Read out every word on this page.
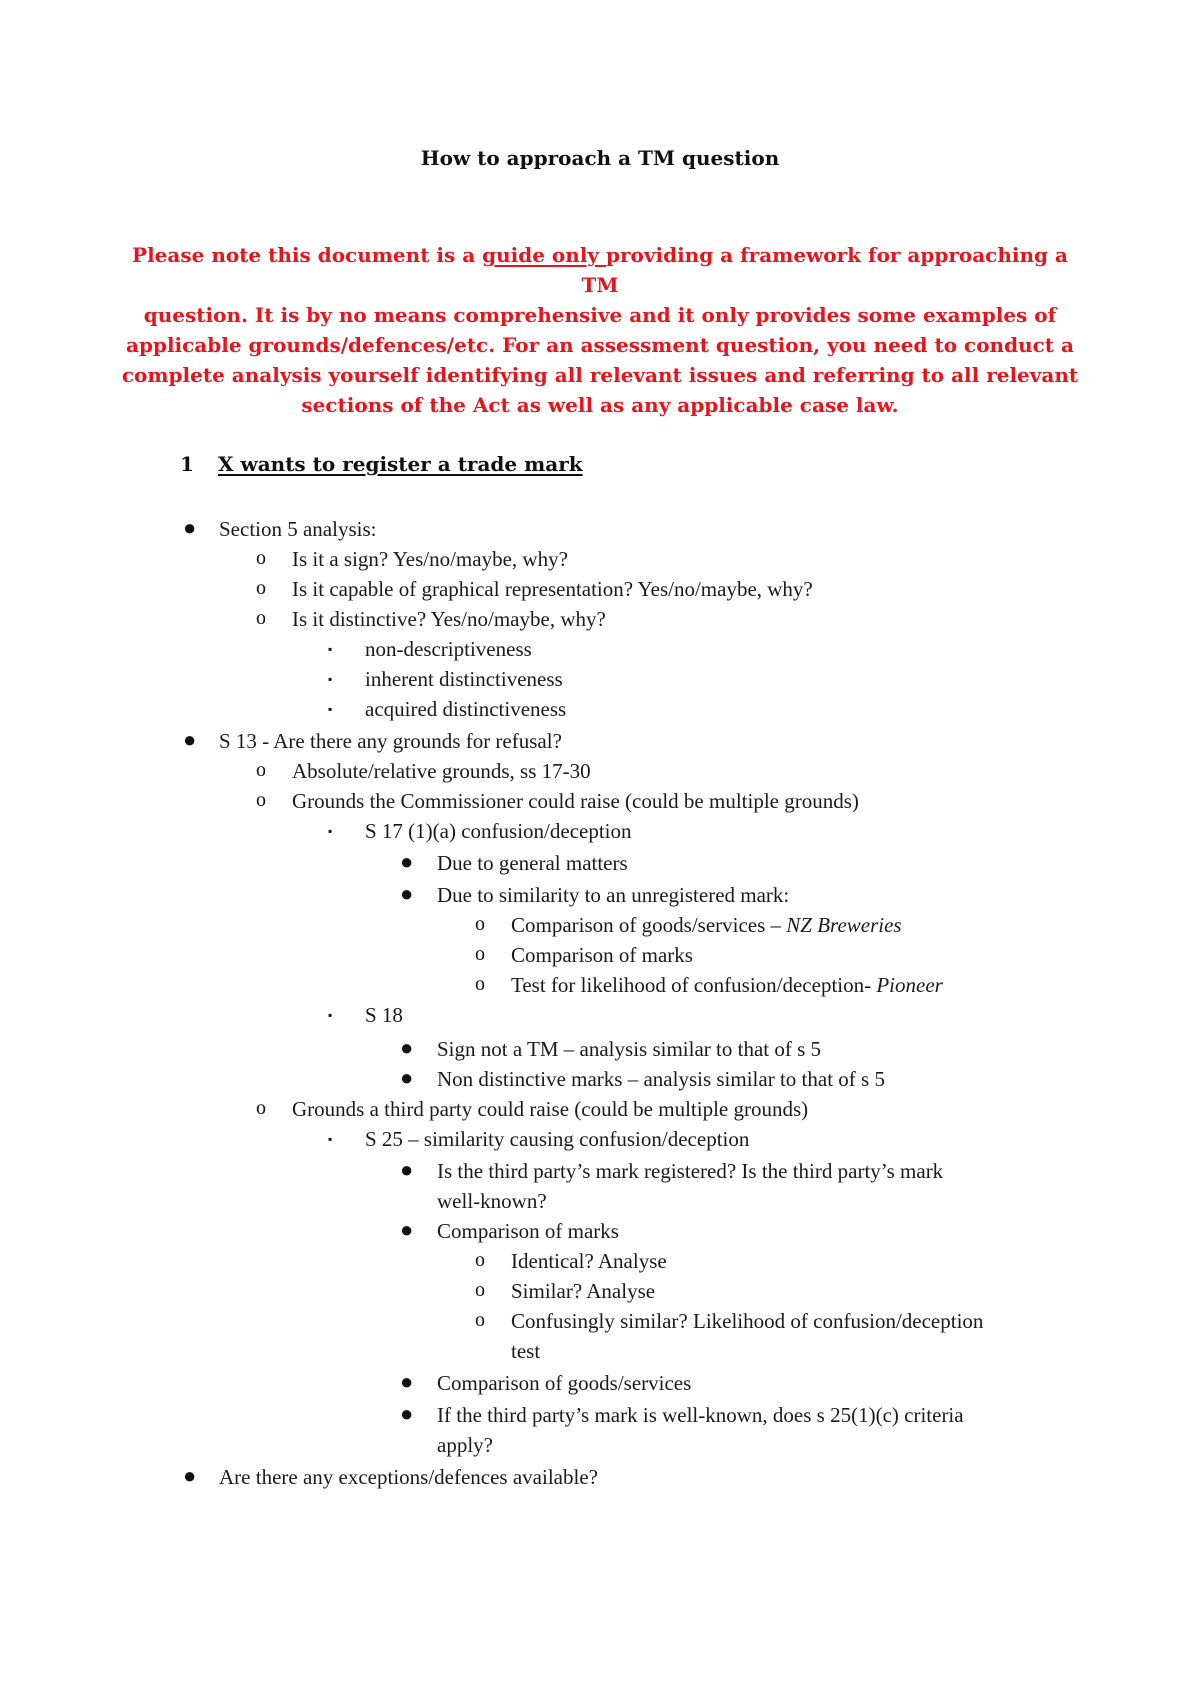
How to approach a TM question
Please note this document is a guide only providing a framework for approaching a TM
question. It is by no means comprehensive and it only provides some examples of
applicable grounds/defences/etc. For an assessment question, you need to conduct a
complete analysis yourself identifying all relevant issues and referring to all relevant
sections of the Act as well as any applicable case law.
1 X wants to register a trade mark
● Section 5 analysis:
o Is it a sign? Yes/no/maybe, why?
o Is it capable of graphical representation? Yes/no/maybe, why?
o Is it distinctive? Yes/no/maybe, why?
▪ non-descriptiveness
▪ inherent distinctiveness
▪ acquired distinctiveness
● S 13 - Are there any grounds for refusal?
o Absolute/relative grounds, ss 17-30
o Grounds the Commissioner could raise (could be multiple grounds)
▪ S 17 (1)(a) confusion/deception
● Due to general matters
● Due to similarity to an unregistered mark:
o Comparison of goods/services – NZ Breweries
o Comparison of marks
o Test for likelihood of confusion/deception- Pioneer
▪ S 18
● Sign not a TM – analysis similar to that of s 5
● Non distinctive marks – analysis similar to that of s 5
o Grounds a third party could raise (could be multiple grounds)
▪ S 25 – similarity causing confusion/deception
● Is the third party’s mark registered? Is the third party’s mark
well-known?
● Comparison of marks
o Identical? Analyse
o Similar? Analyse
o Confusingly similar? Likelihood of confusion/deception
test
● Comparison of goods/services
● If the third party’s mark is well-known, does s 25(1)(c) criteria
apply?
● Are there any exceptions/defences available?
